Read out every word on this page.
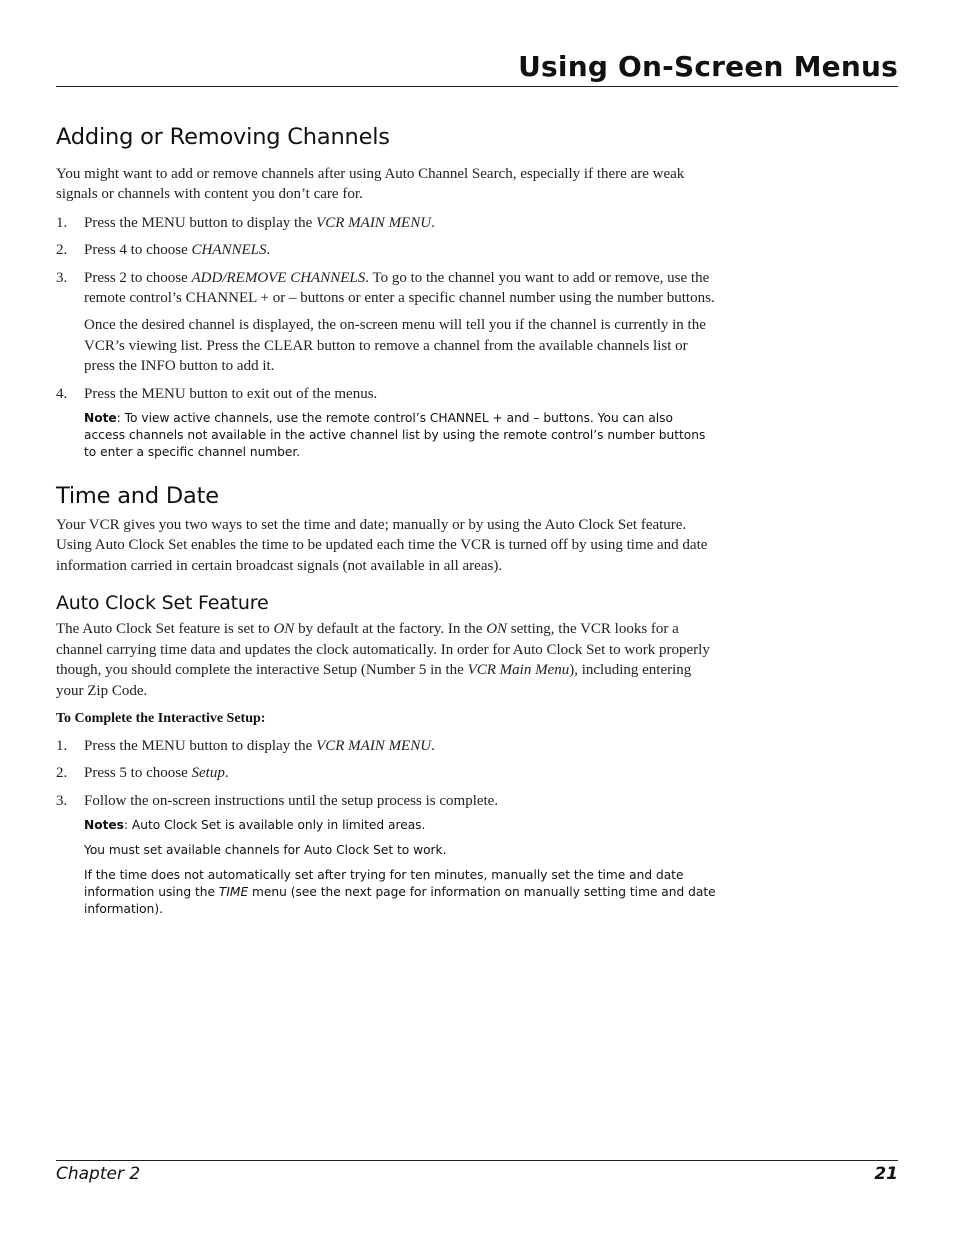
Using On-Screen Menus
Adding or Removing Channels

You might want to add or remove channels after using Auto Channel Search, especially if there are weak signals or channels with content you don’t care for.

1. Press the MENU button to display the VCR MAIN MENU.
2. Press 4 to choose CHANNELS.
3. Press 2 to choose ADD/REMOVE CHANNELS. To go to the channel you want to add or remove, use the remote control’s CHANNEL + or – buttons or enter a specific channel number using the number buttons.

Once the desired channel is displayed, the on-screen menu will tell you if the channel is currently in the VCR’s viewing list. Press the CLEAR button to remove a channel from the available channels list or press the INFO button to add it.

4. Press the MENU button to exit out of the menus.
Note: To view active channels, use the remote control’s CHANNEL + and – buttons. You can also access channels not available in the active channel list by using the remote control’s number buttons to enter a specific channel number.
Time and Date

Your VCR gives you two ways to set the time and date; manually or by using the Auto Clock Set feature. Using Auto Clock Set enables the time to be updated each time the VCR is turned off by using time and date information carried in certain broadcast signals (not available in all areas).

Auto Clock Set Feature

The Auto Clock Set feature is set to ON by default at the factory. In the ON setting, the VCR looks for a channel carrying time data and updates the clock automatically. In order for Auto Clock Set to work properly though, you should complete the interactive Setup (Number 5 in the VCR Main Menu), including entering your Zip Code.

To Complete the Interactive Setup:

1. Press the MENU button to display the VCR MAIN MENU.
2. Press 5 to choose Setup.
3. Follow the on-screen instructions until the setup process is complete.
Notes: Auto Clock Set is available only in limited areas.
You must set available channels for Auto Clock Set to work.
If the time does not automatically set after trying for ten minutes, manually set the time and date information using the TIME menu (see the next page for information on manually setting time and date information).
Chapter 2	21
